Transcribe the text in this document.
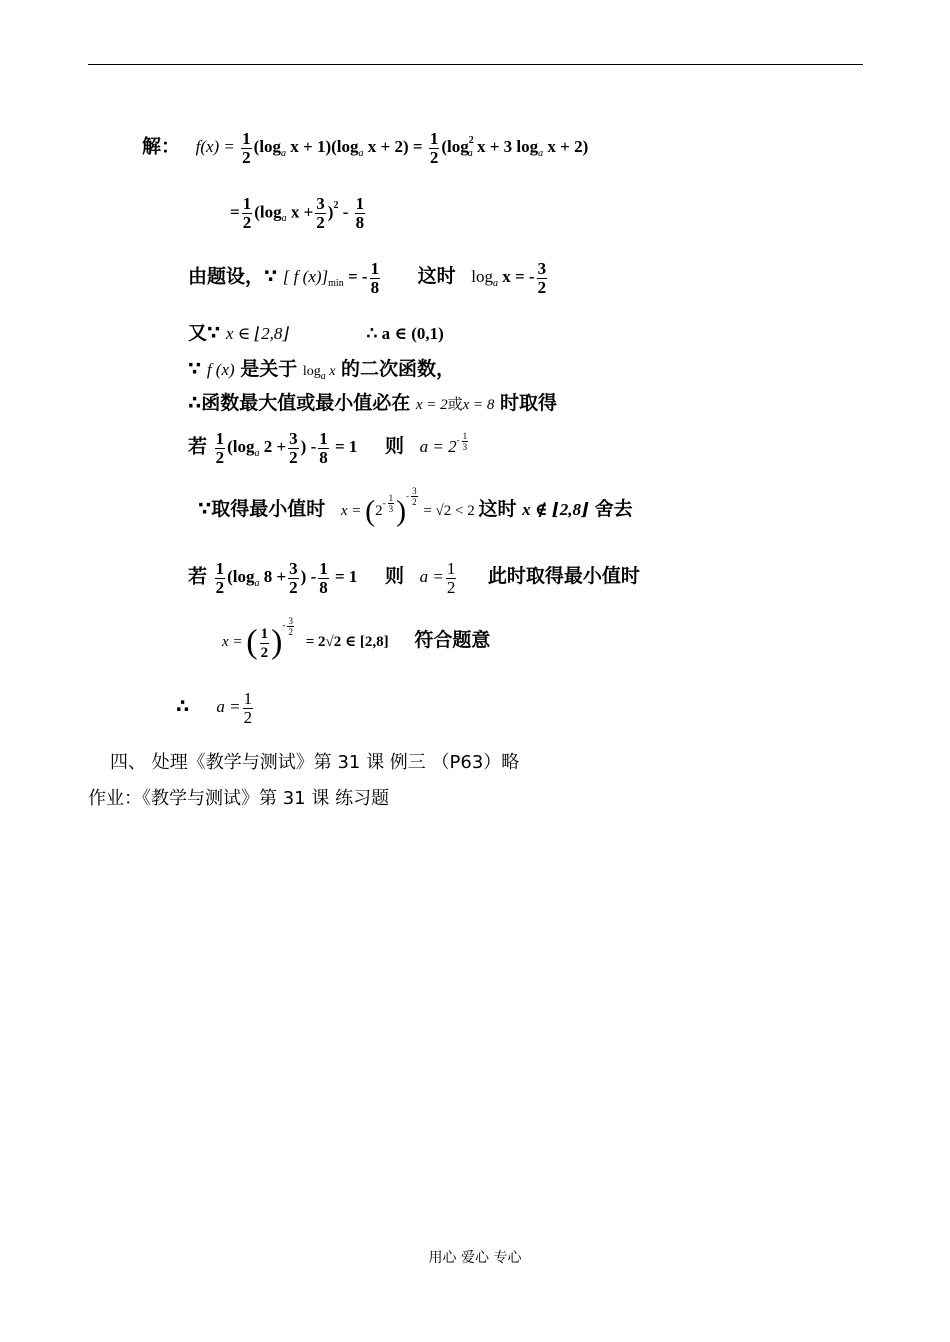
解： $f(x) = \frac{1}{2} (\log_a$ $x + 1)(\log_a$ $x + 2) = \frac{1}{2} (\log^2_a$ x + 3 $\log_a x + 2$)
= $\frac{1}{2} (\log_a$ $x + \frac{3}{2} )^2 - \frac{1}{8}$
由题设，∵ [ f $(x)]_{min}$ = - $\frac{1}{8}$ 这时 $\log_a x$ = - $\frac{3}{2}$
又∵ x ∈ ⌊2,8⌋	∴ a ∈ (0,1)
∵ f (x) 是关于 $\log_a x$ 的二次函数，
∴函数最大值或最小值必在 x = 2或x = 8 时取得
若 $\frac{1}{2} (\log_a$ $2 + \frac{3}{2}$ ) - $\frac{1}{8} = 1$ 则 $a = 2^{- \frac{1}{3}}$
∵取得最小值时 $x = (2^{- \frac{1}{3}}$ )$^{- \frac{3}{2}}$
= √2 < 2 这时 x ∉ ⌊2,8⌋ 舍去
若 $\frac{1}{2} (\log_a$ $8 + \frac{3}{2}$ ) - $\frac{1}{8} = 1$ 则 $a = \frac{1}{2}$ 此时取得最小值时
x = ( $\frac{1}{2} )^{- \frac{3}{2}}$
= 2√2 ∈ [2,8] 符合题意
∴ $a = \frac{1}{2}$
四、 处理《教学与测试》第 31 课 例三 （P63）略
作业：《教学与测试》第 31 课 练习题
用心 爱心 专心
